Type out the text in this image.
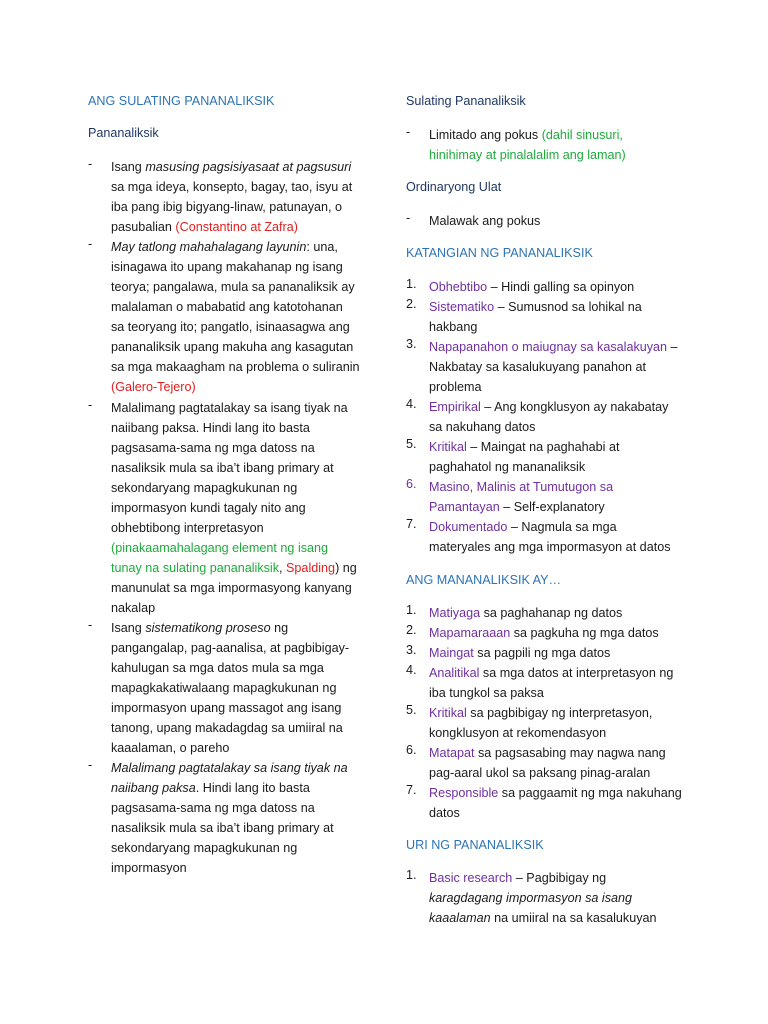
ANG SULATING PANANALIKSIK
Pananaliksik
- Isang masusing pagsisiyasaat at pagsusuri
sa mga ideya, konsepto, bagay, tao, isyu at
iba pang ibig bigyang-linaw, patunayan, o
pasubalian (Constantino at Zafra)
- May tatlong mahahalagang layunin: una,
isinagawa ito upang makahanap ng isang
teorya; pangalawa, mula sa pananaliksik ay
malalaman o mababatid ang katotohanan
sa teoryang ito; pangatlo, isinaasagwa ang
pananaliksik upang makuha ang kasagutan
sa mga makaagham na problema o suliranin
(Galero-Tejero)
- Malalimang pagtatalakay sa isang tiyak na
naiibang paksa. Hindi lang ito basta
pagsasama-sama ng mga datoss na
nasaliksik mula sa iba’t ibang primary at
sekondaryang mapagkukunan ng
impormasyon kundi tagaly nito ang
obhebtibong interpretasyon
(pinakaamahalagang element ng isang
tunay na sulating pananaliksik, Spalding) ng
manunulat sa mga impormasyong kanyang
nakalap
- Isang sistematikong proseso ng
pangangalap, pag-aanalisa, at pagbibigay-
kahulugan sa mga datos mula sa mga
mapagkakatiwalaang mapagkukunan ng
impormasyon upang massagot ang isang
tanong, upang makadagdag sa umiiral na
kaaalaman, o pareho
- Malalimang pagtatalakay sa isang tiyak na
naiibang paksa. Hindi lang ito basta
pagsasama-sama ng mga datoss na
nasaliksik mula sa iba’t ibang primary at
sekondaryang mapagkukunan ng
impormasyon
Sulating Pananaliksik
- Limitado ang pokus (dahil sinusuri,
hinihimay at pinalalalim ang laman)
Ordinaryong Ulat
- Malawak ang pokus
KATANGIAN NG PANANALIKSIK
1. Obhebtibo – Hindi galling sa opinyon
2. Sistematiko – Sumusnod sa lohikal na
hakbang
3. Napapanahon o maiugnay sa kasalakuyan –
Nakbatay sa kasalukuyang panahon at
problema
4. Empirikal – Ang kongklusyon ay nakabatay
sa nakuhang datos
5. Kritikal – Maingat na paghahabi at
paghahatol ng mananaliksik
6. Masino, Malinis at Tumutugon sa
Pamantayan – Self-explanatory
7. Dokumentado – Nagmula sa mga
materyales ang mga impormasyon at datos
ANG MANANALIKSIK AY…
1. Matiyaga sa paghahanap ng datos
2. Mapamaraaan sa pagkuha ng mga datos
3. Maingat sa pagpili ng mga datos
4. Analitikal sa mga datos at interpretasyon ng
iba tungkol sa paksa
5. Kritikal sa pagbibigay ng interpretasyon,
kongklusyon at rekomendasyon
6. Matapat sa pagsasabing may nagwa nang
pag-aaral ukol sa paksang pinag-aralan
7. Responsible sa paggaamit ng mga nakuhang
datos
URI NG PANANALIKSIK
1. Basic research – Pagbibigay ng
karagdagang impormasyon sa isang
kaaalaman na umiiral na sa kasalukuyan
